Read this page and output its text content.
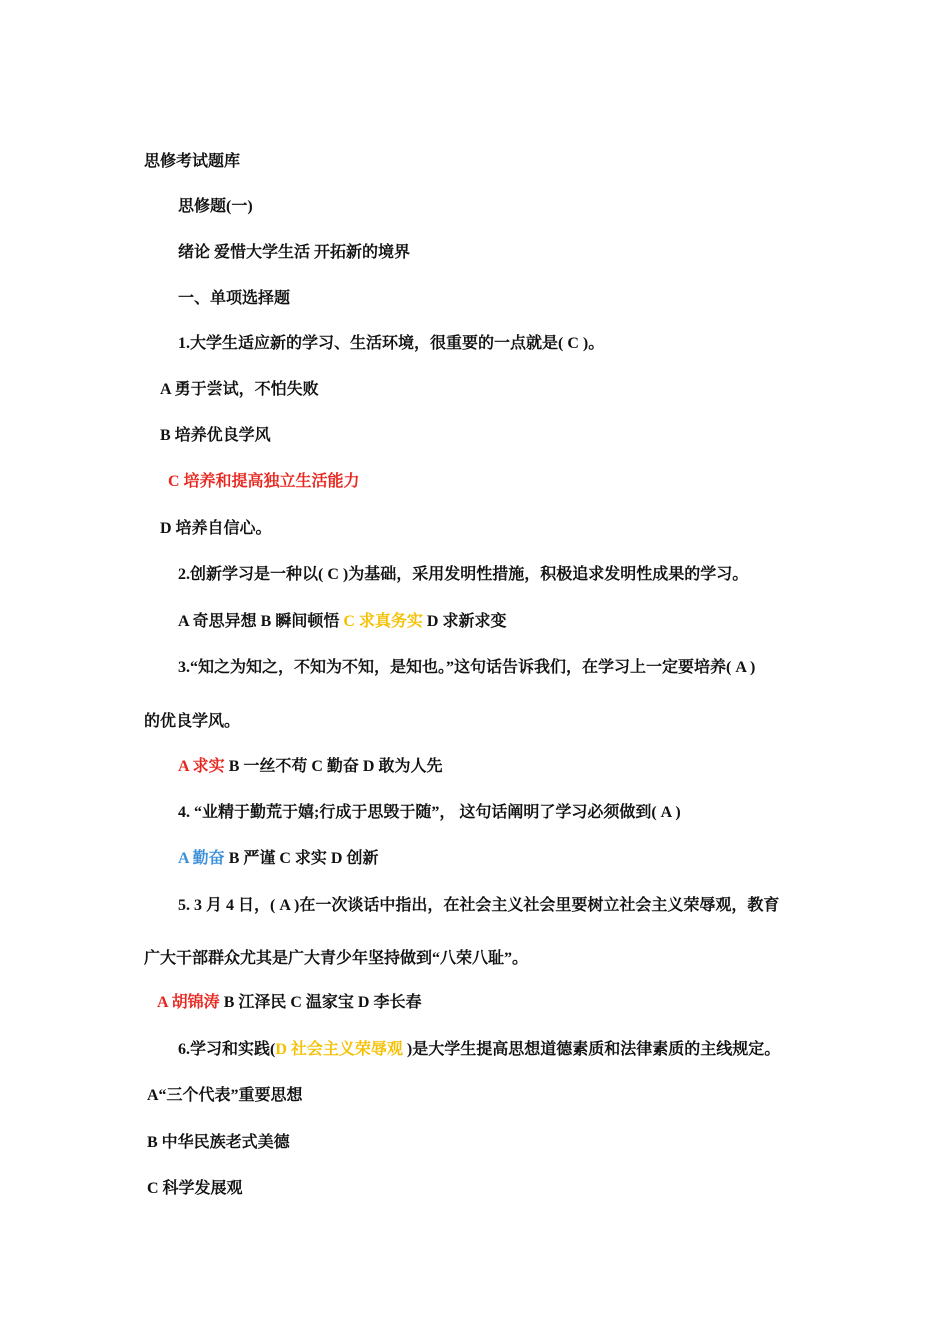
思修考试题库
思修题(一)
绪论 爱惜大学生活 开拓新的境界
一、单项选择题
1.大学生适应新的学习、生活环境，很重要的一点就是( C )。
A 勇于尝试，不怕失败
B 培养优良学风
C 培养和提高独立生活能力
D 培养自信心。
2.创新学习是一种以( C )为基础，采用发明性措施，积极追求发明性成果的学习。
A 奇思异想 B 瞬间顿悟 C 求真务实 D 求新求变
3.“知之为知之，不知为不知，是知也。”这句话告诉我们，在学习上一定要培养( A )
的优良学风。
A 求实 B 一丝不苟 C 勤奋 D 敢为人先
4. “业精于勤荒于嬉;行成于思毁于随”， 这句话阐明了学习必须做到( A )
A 勤奋 B 严谨 C 求实 D 创新
5. 3 月 4 日，( A )在一次谈话中指出，在社会主义社会里要树立社会主义荣辱观，教育
广大干部群众尤其是广大青少年坚持做到“八荣八耻”。
A 胡锦涛 B 江泽民 C 温家宝 D 李长春
6.学习和实践(D 社会主义荣辱观 )是大学生提高思想道德素质和法律素质的主线规定。
A“三个代表”重要思想
B 中华民族老式美德
C 科学发展观
